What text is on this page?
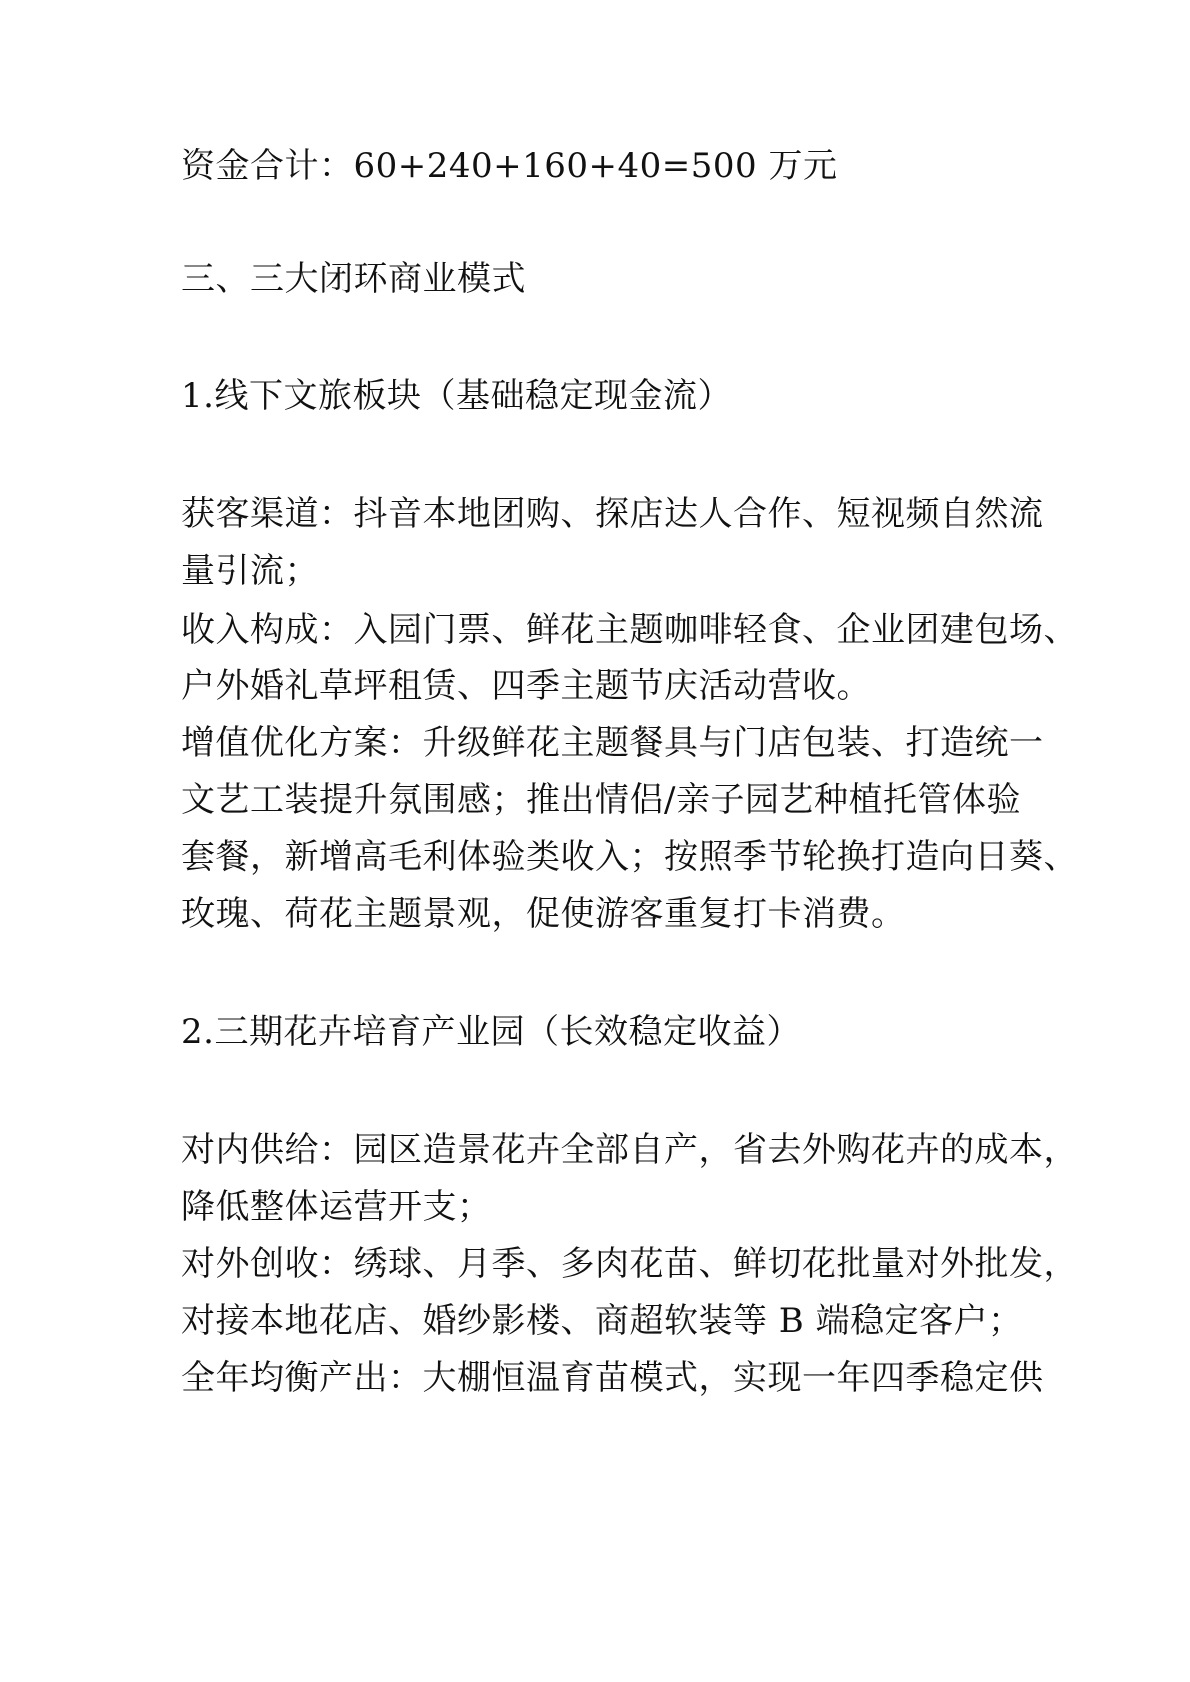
资金合计：60+240+160+40=500 万元
三、三大闭环商业模式
1.线下文旅板块（基础稳定现金流）
获客渠道：抖音本地团购、探店达人合作、短视频自然流
量引流；
收入构成：入园门票、鲜花主题咖啡轻食、企业团建包场、
户外婚礼草坪租赁、四季主题节庆活动营收。
增值优化方案：升级鲜花主题餐具与门店包装、打造统一
文艺工装提升氛围感；推出情侣/亲子园艺种植托管体验
套餐，新增高毛利体验类收入；按照季节轮换打造向日葵、
玫瑰、荷花主题景观，促使游客重复打卡消费。
2.三期花卉培育产业园（长效稳定收益）
对内供给：园区造景花卉全部自产，省去外购花卉的成本，
降低整体运营开支；
对外创收：绣球、月季、多肉花苗、鲜切花批量对外批发，
对接本地花店、婚纱影楼、商超软装等 B 端稳定客户；
全年均衡产出：大棚恒温育苗模式，实现一年四季稳定供
